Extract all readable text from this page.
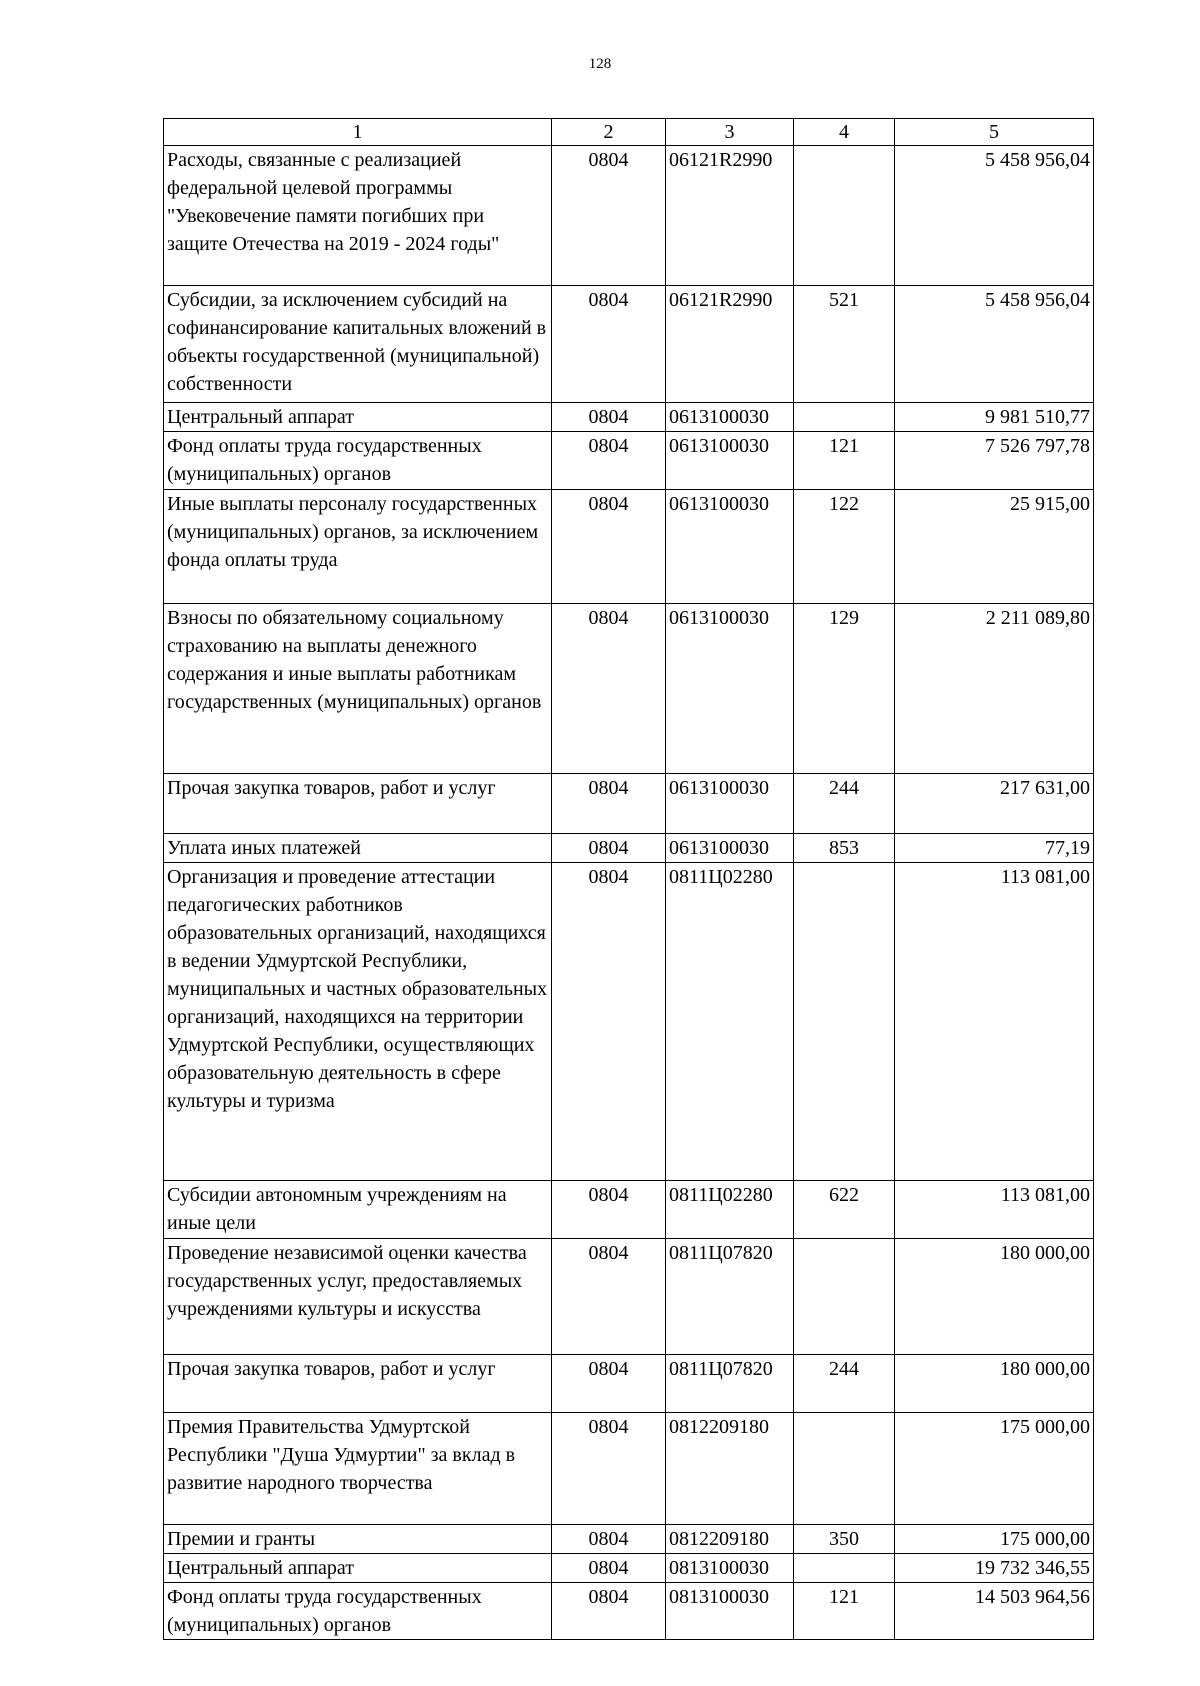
128
1	2	3	4	5
Расходы, связанные с реализацией федеральной целевой программы "Увековечение памяти погибших при защите Отечества на 2019 - 2024 годы"	0804	06121R2990		5 458 956,04
Субсидии, за исключением субсидий на софинансирование капитальных вложений в объекты государственной (муниципальной) собственности	0804	06121R2990	521	5 458 956,04
Центральный аппарат	0804	0613100030		9 981 510,77
Фонд оплаты труда государственных (муниципальных) органов	0804	0613100030	121	7 526 797,78
Иные выплаты персоналу государственных (муниципальных) органов, за исключением фонда оплаты труда	0804	0613100030	122	25 915,00
Взносы по обязательному социальному страхованию на выплаты денежного содержания и иные выплаты работникам государственных (муниципальных) органов	0804	0613100030	129	2 211 089,80
Прочая закупка товаров, работ и услуг	0804	0613100030	244	217 631,00
Уплата иных платежей	0804	0613100030	853	77,19
Организация и проведение аттестации педагогических работников образовательных организаций, находящихся в ведении Удмуртской Республики, муниципальных и частных образовательных организаций, находящихся на территории Удмуртской Республики, осуществляющих образовательную деятельность в сфере культуры и туризма	0804	0811Ц02280		113 081,00
Субсидии автономным учреждениям на иные цели	0804	0811Ц02280	622	113 081,00
Проведение независимой оценки качества государственных услуг, предоставляемых учреждениями культуры и искусства	0804	0811Ц07820		180 000,00
Прочая закупка товаров, работ и услуг	0804	0811Ц07820	244	180 000,00
Премия Правительства Удмуртской Республики "Душа Удмуртии" за вклад в развитие народного творчества	0804	0812209180		175 000,00
Премии и гранты	0804	0812209180	350	175 000,00
Центральный аппарат	0804	0813100030		19 732 346,55
Фонд оплаты труда государственных (муниципальных) органов	0804	0813100030	121	14 503 964,56
